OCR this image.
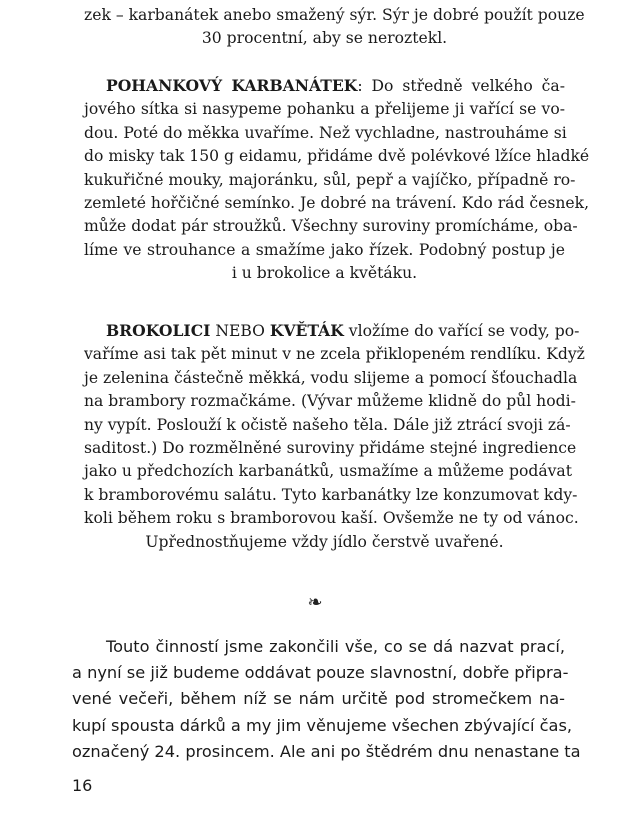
zek – karbanátek anebo smažený sýr. Sýr je dobré použít pouze
30 procentní, aby se neroztekl.
POHANKOVÝ KARBANÁTEK: Do středně velkého ča-
jového sítka si nasypeme pohanku a přelijeme ji vařící se vo-
dou. Poté do měkka uvaříme. Než vychladne, nastrouháme si
do misky tak 150 g eidamu, přidáme dvě polévkové lžíce hladké
kukuřičné mouky, majoránku, sůl, pepř a vajíčko, případně ro-
zemleté hořčičné semínko. Je dobré na trávení. Kdo rád česnek,
může dodat pár stroužků. Všechny suroviny promícháme, oba-
líme ve strouhance a smažíme jako řízek. Podobný postup je
i u brokolice a květáku.
BROKOLICI NEBO KVĚTÁK vložíme do vařící se vody, po-
vaříme asi tak pět minut v ne zcela přiklopeném rendlíku. Když
je zelenina částečně měkká, vodu slijeme a pomocí šťouchadla
na brambory rozmačkáme. (Vývar můžeme klidně do půl hodi-
ny vypít. Poslouží k očistě našeho těla. Dále již ztrácí svoji zá-
saditost.) Do rozmělněné suroviny přidáme stejné ingredience
jako u předchozích karbanátků, usmažíme a můžeme podávat
k bramborovému salátu. Tyto karbanátky lze konzumovat kdy-
koli během roku s bramborovou kaší. Ovšemže ne ty od vánoc.
Upřednostňujeme vždy jídlo čerstvě uvařené.
❧
Touto činností jsme zakončili vše, co se dá nazvat prací,
a nyní se již budeme oddávat pouze slavnostní, dobře připra-
vené večeři, během níž se nám určitě pod stromečkem na-
kupí spousta dárků a my jim věnujeme všechen zbývající čas,
označený 24. prosincem. Ale ani po štědrém dnu nenastane ta
16
